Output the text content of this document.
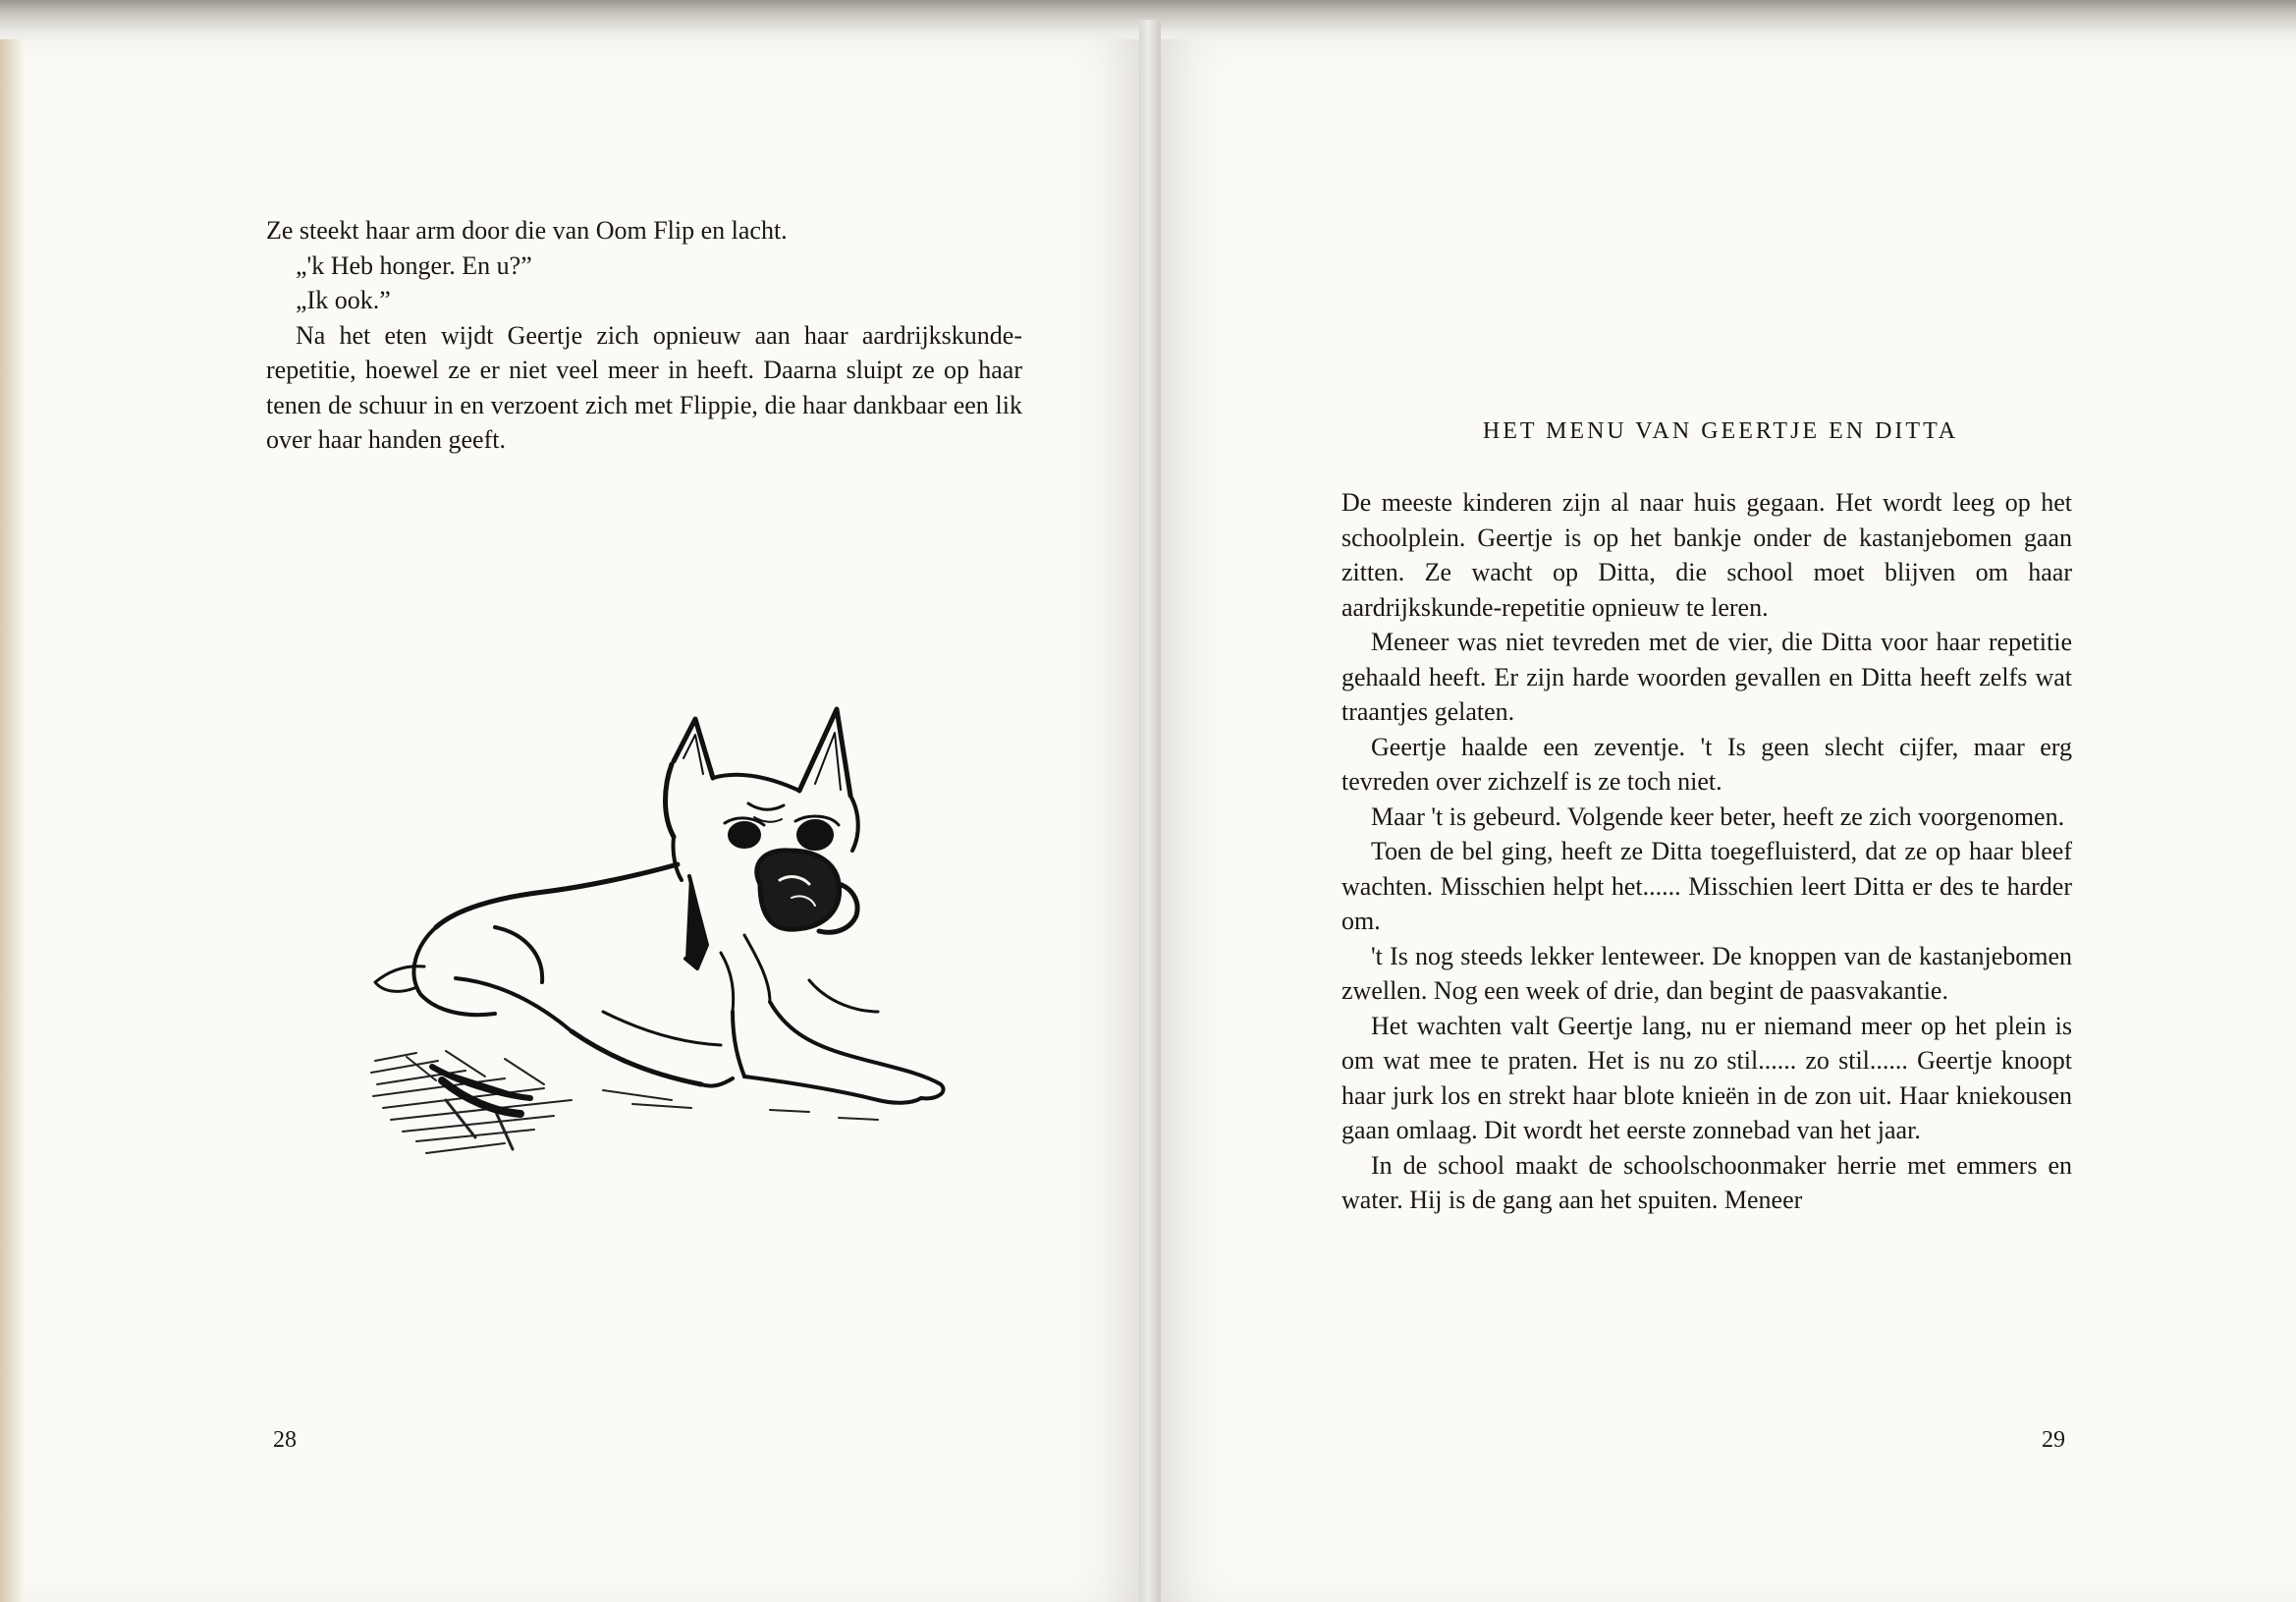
Ze steekt haar arm door die van Oom Flip en lacht.

„'k Heb honger. En u?”

„Ik ook.”

Na het eten wijdt Geertje zich opnieuw aan haar aardrijkskunde-repetitie, hoewel ze er niet veel meer in heeft. Daarna sluipt ze op haar tenen de schuur in en verzoent zich met Flippie, die haar dankbaar een lik over haar handen geeft.

28

HET MENU VAN GEERTJE EN DITTA

De meeste kinderen zijn al naar huis gegaan. Het wordt leeg op het schoolplein. Geertje is op het bankje onder de kastanjebomen gaan zitten. Ze wacht op Ditta, die school moet blijven om haar aardrijkskunde-repetitie opnieuw te leren.

Meneer was niet tevreden met de vier, die Ditta voor haar repetitie gehaald heeft. Er zijn harde woorden gevallen en Ditta heeft zelfs wat traantjes gelaten.

Geertje haalde een zeventje. 't Is geen slecht cijfer, maar erg tevreden over zichzelf is ze toch niet.

Maar 't is gebeurd. Volgende keer beter, heeft ze zich voorgenomen.

Toen de bel ging, heeft ze Ditta toegefluisterd, dat ze op haar bleef wachten. Misschien helpt het...... Misschien leert Ditta er des te harder om.

't Is nog steeds lekker lenteweer. De knoppen van de kastanjebomen zwellen. Nog een week of drie, dan begint de paasvakantie.

Het wachten valt Geertje lang, nu er niemand meer op het plein is om wat mee te praten. Het is nu zo stil...... zo stil...... Geertje knoopt haar jurk los en strekt haar blote knieën in de zon uit. Haar kniekousen gaan omlaag. Dit wordt het eerste zonnebad van het jaar.

In de school maakt de schoolschoonmaker herrie met emmers en water. Hij is de gang aan het spuiten. Meneer

29
